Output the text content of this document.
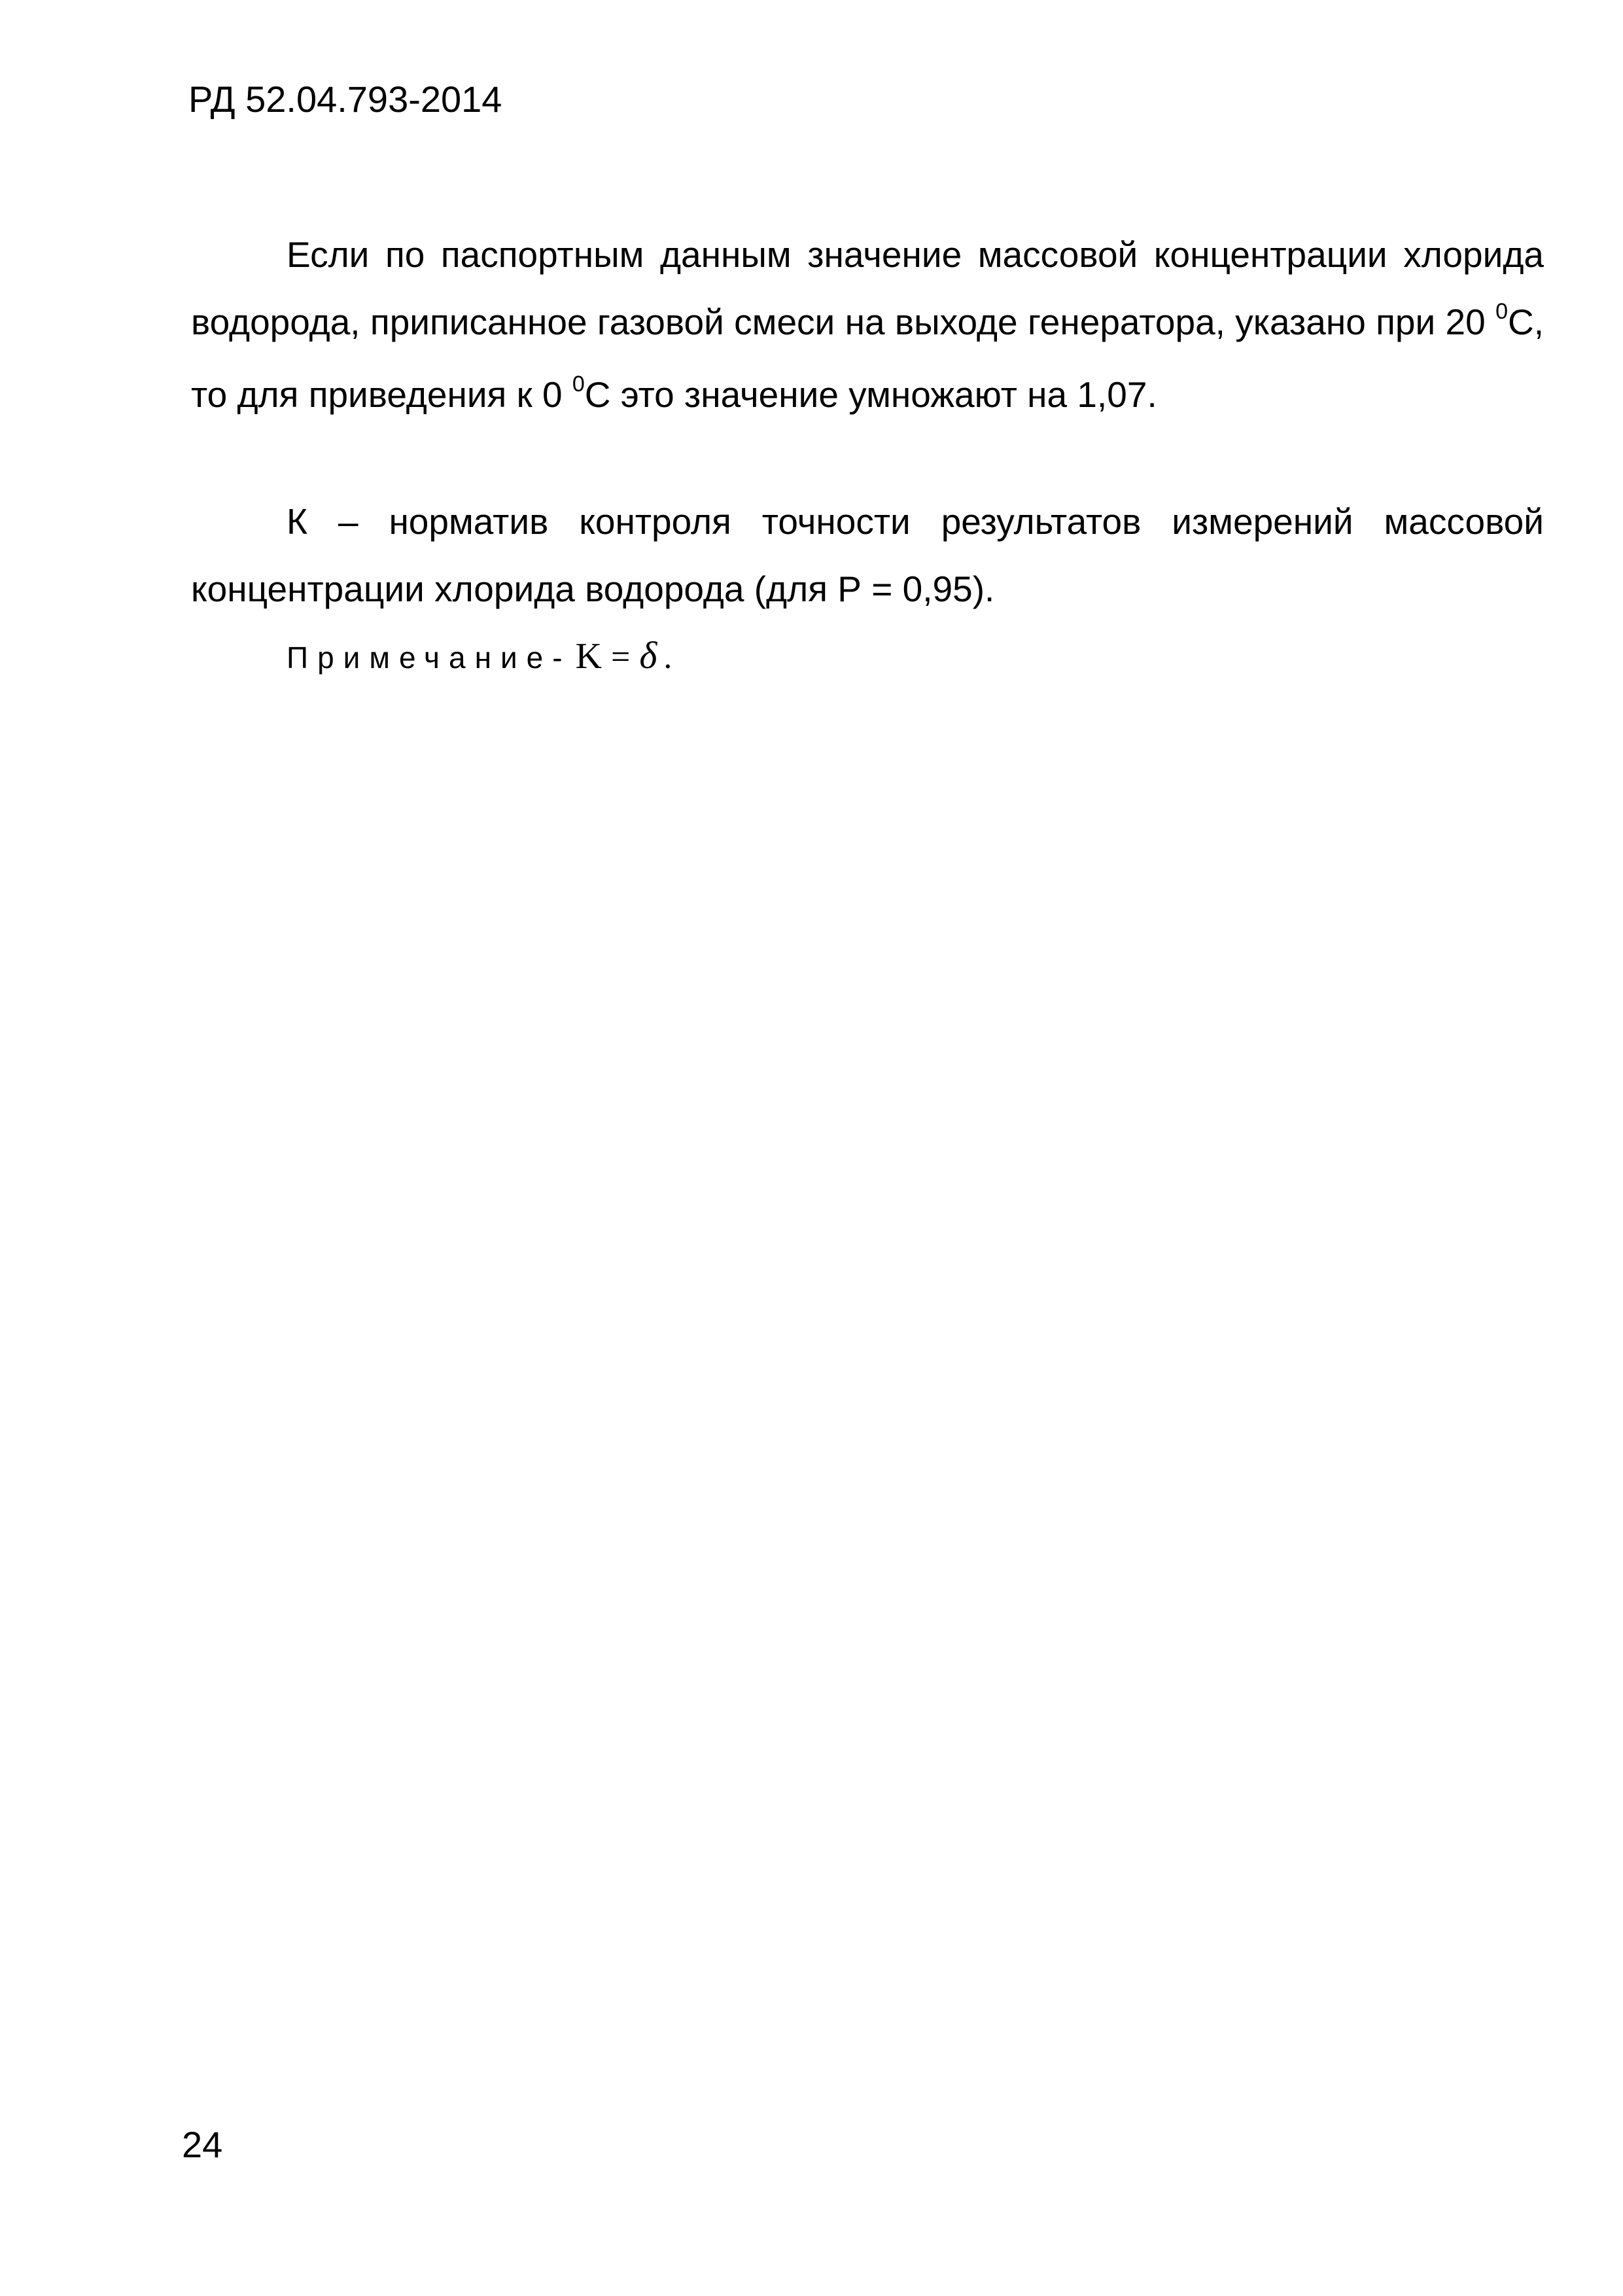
РД 52.04.793-2014
Если по паспортным данным значение массовой концентрации хлорида водорода, приписанное газовой смеси на выходе генератора, указано при 20 $^0$С, то для приведения к 0 $^0$С это значение умножают на 1,07.
К – норматив контроля точности результатов измерений массовой концентрации хлорида водорода (для Р = 0,95).
Примечание- K = δ .
24
